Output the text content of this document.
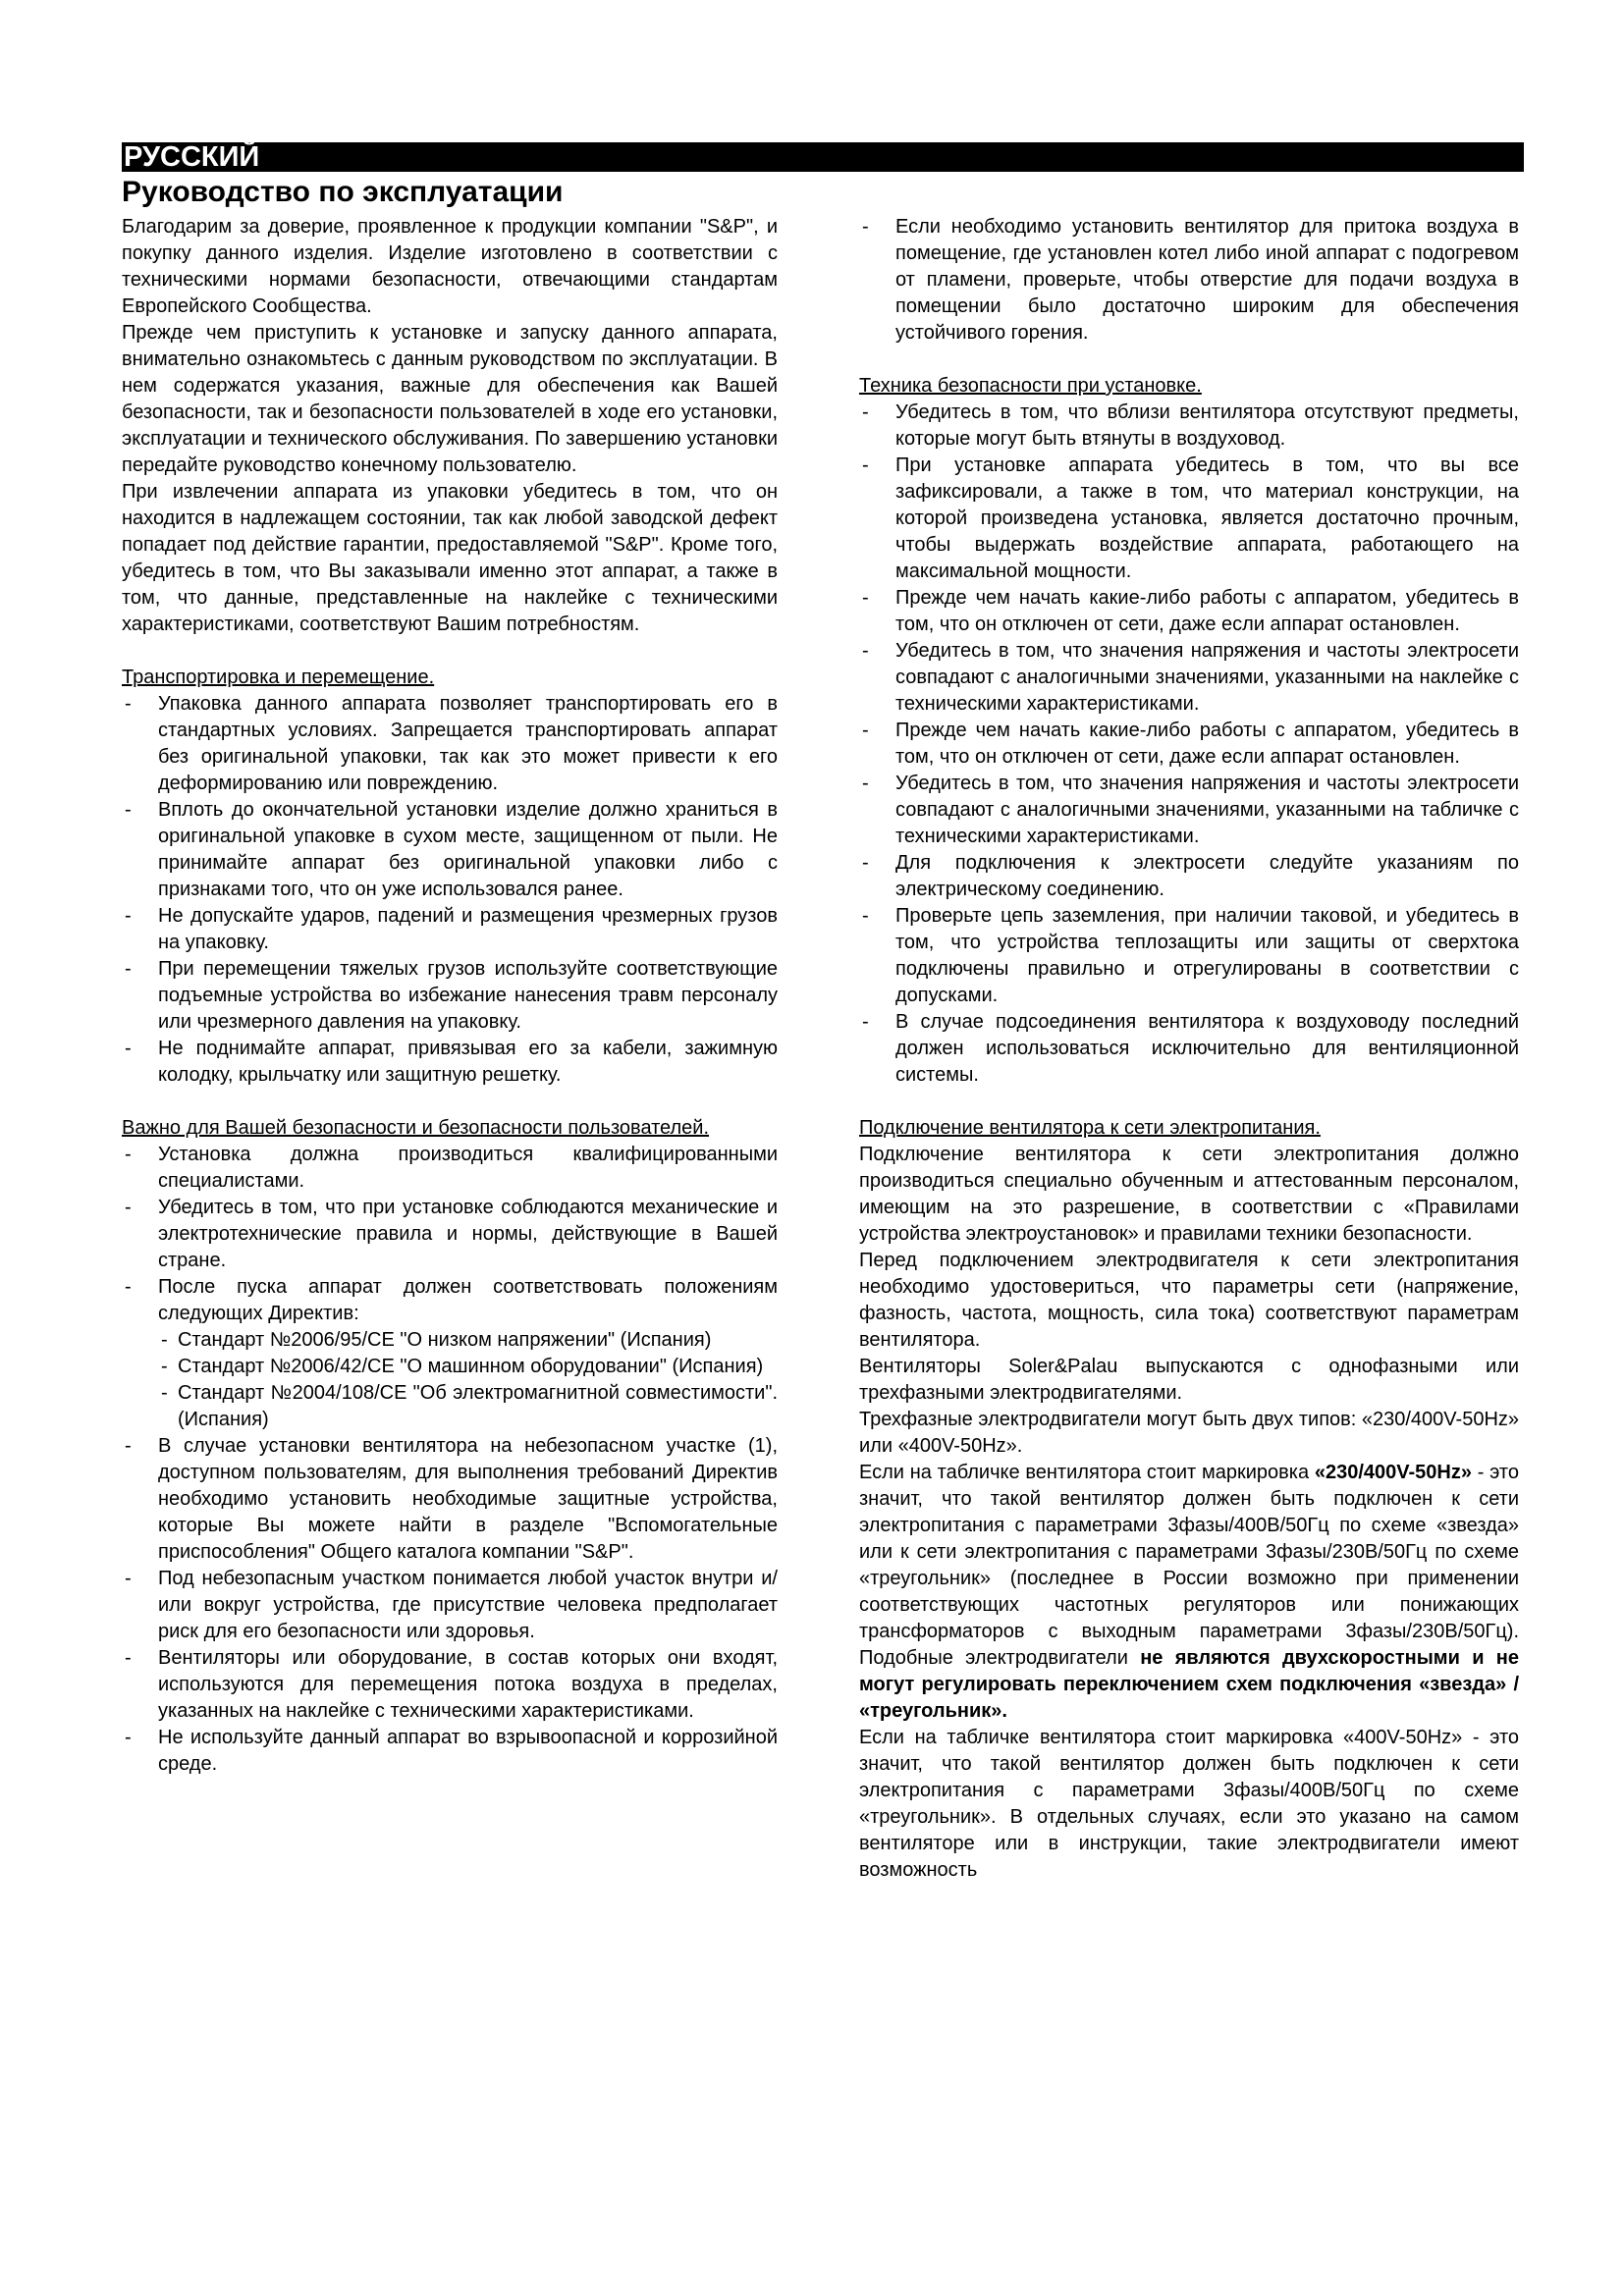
РУССКИЙ
Руководство по эксплуатации

Благодарим за доверие, проявленное к продукции компании "S&P", и покупку данного изделия. Изделие изготовлено в соответствии с техническими нормами безопасности, отвечающими стандартам Европейского Сообщества.

Прежде чем приступить к установке и запуску данного аппарата, внимательно ознакомьтесь с данным руководством по эксплуатации. В нем содержатся указания, важные для обеспечения как Вашей безопасности, так и безопасности пользователей в ходе его установки, эксплуатации и технического обслуживания. По завершению установки передайте руководство конечному пользователю.

При извлечении аппарата из упаковки убедитесь в том, что он находится в надлежащем состоянии, так как любой заводской дефект попадает под действие гарантии, предоставляемой "S&P". Кроме того, убедитесь в том, что Вы заказывали именно этот аппарат, а также в том, что данные, представленные на наклейке с техническими характеристиками, соответствуют Вашим потребностям.

Транспортировка и перемещение.

- Упаковка данного аппарата позволяет транспортировать его в стандартных условиях. Запрещается транспортировать аппарат без оригинальной упаковки, так как это может привести к его деформированию или повреждению.
- Вплоть до окончательной установки изделие должно храниться в оригинальной упаковке в сухом месте, защищенном от пыли. Не принимайте аппарат без оригинальной упаковки либо с признаками того, что он уже использовался ранее.
- Не допускайте ударов, падений и размещения чрезмерных грузов на упаковку.
- При перемещении тяжелых грузов используйте соответствующие подъемные устройства во избежание нанесения травм персоналу или чрезмерного давления на упаковку.
- Не поднимайте аппарат, привязывая его за кабели, зажимную колодку, крыльчатку или защитную решетку.

Важно для Вашей безопасности и безопасности пользователей.

- Установка должна производиться квалифицированными специалистами.
- Убедитесь в том, что при установке соблюдаются механические и электротехнические правила и нормы, действующие в Вашей стране.
- После пуска аппарат должен соответствовать положениям следующих Директив:
- Стандарт №2006/95/CE "О низком напряжении" (Испания)
- Стандарт №2006/42/CE "О машинном оборудовании" (Испания)
- Стандарт №2004/108/CE "Об электромагнитной совместимости".(Испания)
- В случае установки вентилятора на небезопасном участке (1), доступном пользователям, для выполнения требований Директив необходимо установить необходимые защитные устройства, которые Вы можете найти в разделе "Вспомогательные приспособления" Общего каталога компании "S&P".
- Под небезопасным участком понимается любой участок внутри и/или вокруг устройства, где присутствие человека предполагает риск для его безопасности или здоровья.
- Вентиляторы или оборудование, в состав которых они входят, используются для перемещения потока воздуха в пределах, указанных на наклейке с техническими характеристиками.
- Не используйте данный аппарат во взрывоопасной и коррозийной среде.
- Если необходимо установить вентилятор для притока воздуха в помещение, где установлен котел либо иной аппарат с подогревом от пламени, проверьте, чтобы отверстие для подачи воздуха в помещении было достаточно широким для обеспечения устойчивого горения.

Техника безопасности при установке.

- Убедитесь в том, что вблизи вентилятора отсутствуют предметы, которые могут быть втянуты в воздуховод.
- При установке аппарата убедитесь в том, что вы все зафиксировали, а также в том, что материал конструкции, на которой произведена установка, является достаточно прочным, чтобы выдержать воздействие аппарата, работающего на максимальной мощности.
- Прежде чем начать какие-либо работы с аппаратом, убедитесь в том, что он отключен от сети, даже если аппарат остановлен.
- Убедитесь в том, что значения напряжения и частоты электросети совпадают с аналогичными значениями, указанными на наклейке с техническими характеристиками.
- Прежде чем начать какие-либо работы с аппаратом, убедитесь в том, что он отключен от сети, даже если аппарат остановлен.
- Убедитесь в том, что значения напряжения и частоты электросети совпадают с аналогичными значениями, указанными на табличке с техническими характеристиками.
- Для подключения к электросети следуйте указаниям по электрическому соединению.
- Проверьте цепь заземления, при наличии таковой, и убедитесь в том, что устройства теплозащиты или защиты от сверхтока подключены правильно и отрегулированы в соответствии с допусками.
- В случае подсоединения вентилятора к воздуховоду последний должен использоваться исключительно для вентиляционной системы.

Подключение вентилятора к сети электропитания.

Подключение вентилятора к сети электропитания должно производиться специально обученным и аттестованным персоналом, имеющим на это разрешение, в соответствии с «Правилами устройства электроустановок» и правилами техники безопасности.

Перед подключением электродвигателя к сети электропитания необходимо удостовериться, что параметры сети (напряжение, фазность, частота, мощность, сила тока) соответствуют параметрам вентилятора.

Вентиляторы Soler&Palau выпускаются с однофазными или трехфазными электродвигателями.

Трехфазные электродвигатели могут быть двух типов: «230/400V-50Hz» или «400V-50Hz».

Если на табличке вентилятора стоит маркировка «230/400V-50Hz» - это значит, что такой вентилятор должен быть подключен к сети электропитания с параметрами 3фазы/400В/50Гц по схеме «звезда» или к сети электропитания с параметрами 3фазы/230В/50Гц по схеме «треугольник» (последнее в России возможно при применении соответствующих частотных регуляторов или понижающих трансформаторов с выходным параметрами 3фазы/230В/50Гц). Подобные электродвигатели не являются двухскоростными и не могут регулировать переключением схем подключения «звезда» / «треугольник».

Если на табличке вентилятора стоит маркировка «400V-50Hz» - это значит, что такой вентилятор должен быть подключен к сети электропитания с параметрами 3фазы/400В/50Гц по схеме «треугольник». В отдельных случаях, если это указано на самом вентиляторе или в инструкции, такие электродвигатели имеют возможность
